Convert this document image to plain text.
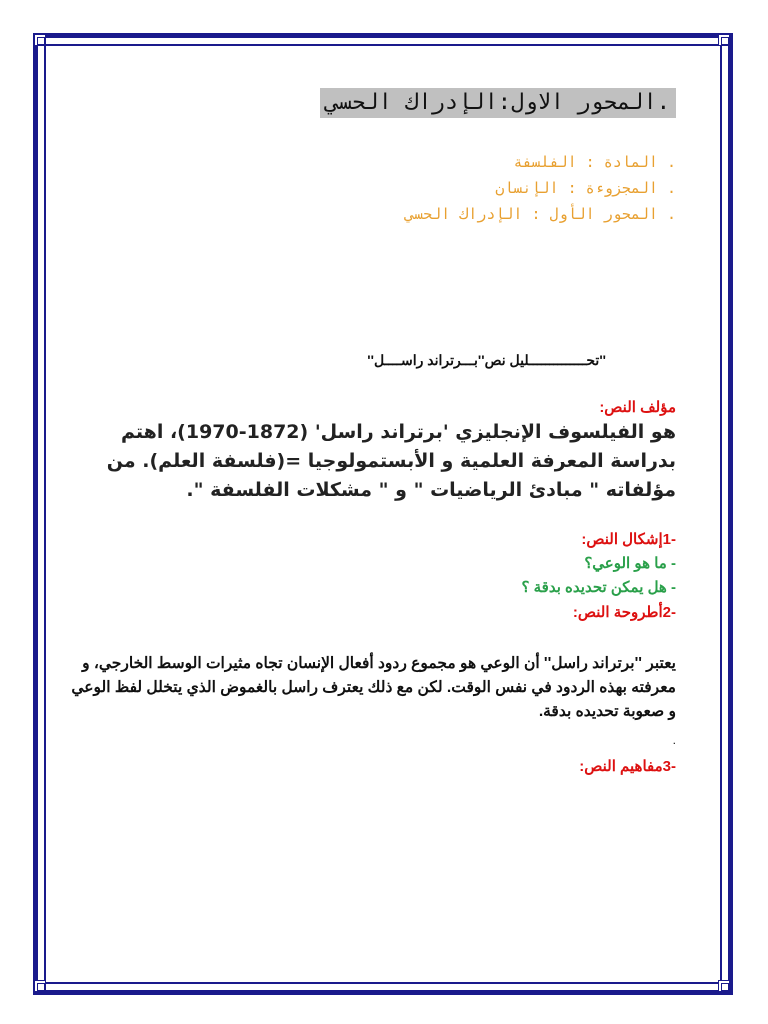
.المحور الاول:الإدراك الحسي
. المادة : الفلسفة
. المجزوءة : الإنسان
. المحور الأول : الإدراك الحسي
''تحــــــــــــــليل نص''بـــرتراند راســــل''
مؤلف النص:
هو الفيلسوف الإنجليزي 'برتراند راسل' (1872-1970)، اهتم بدراسة المعرفة العلمية و الأبستمولوجيا =(فلسفة العلم). من مؤلفاته " مبادئ الرياضيات " و " مشكلات الفلسفة ".
-1إشكال النص:
- ما هو الوعي؟
- هل يمكن تحديده بدقة ؟
-2أطروحة النص:
يعتبر ''برتراند راسل'' أن الوعي هو مجموع ردود أفعال الإنسان تجاه مثيرات الوسط الخارجي، و معرفته بهذه الردود في نفس الوقت. لكن مع ذلك يعترف راسل بالغموض الذي يتخلل لفظ الوعي و صعوبة تحديده بدقة.
.
-3مفاهيم النص:
